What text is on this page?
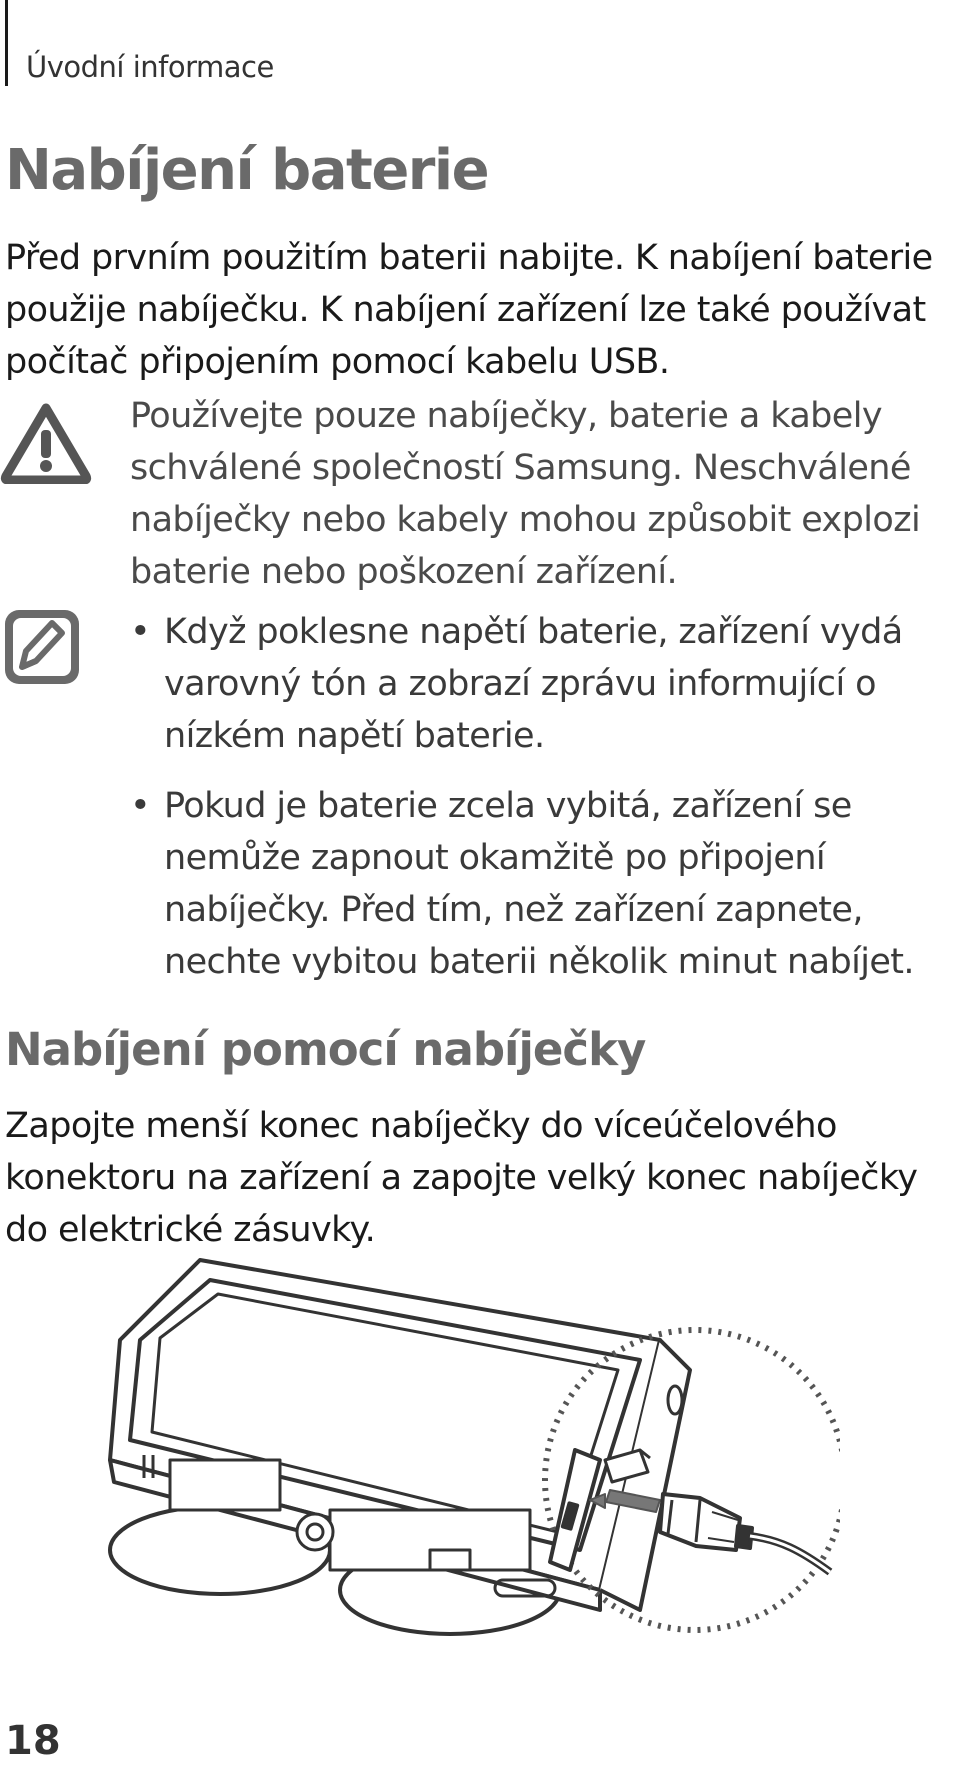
Úvodní informace
Nabíjení baterie
Před prvním použitím baterii nabijte. K nabíjení baterie použije nabíječku. K nabíjení zařízení lze také používat počítač připojením pomocí kabelu USB.
Používejte pouze nabíječky, baterie a kabely schválené společností Samsung. Neschválené nabíječky nebo kabely mohou způsobit explozi baterie nebo poškození zařízení.
• Když poklesne napětí baterie, zařízení vydá varovný tón a zobrazí zprávu informující o nízkém napětí baterie.
• Pokud je baterie zcela vybitá, zařízení se nemůže zapnout okamžitě po připojení nabíječky. Před tím, než zařízení zapnete, nechte vybitou baterii několik minut nabíjet.
Nabíjení pomocí nabíječky
Zapojte menší konec nabíječky do víceúčelového konektoru na zařízení a zapojte velký konec nabíječky do elektrické zásuvky.
18
